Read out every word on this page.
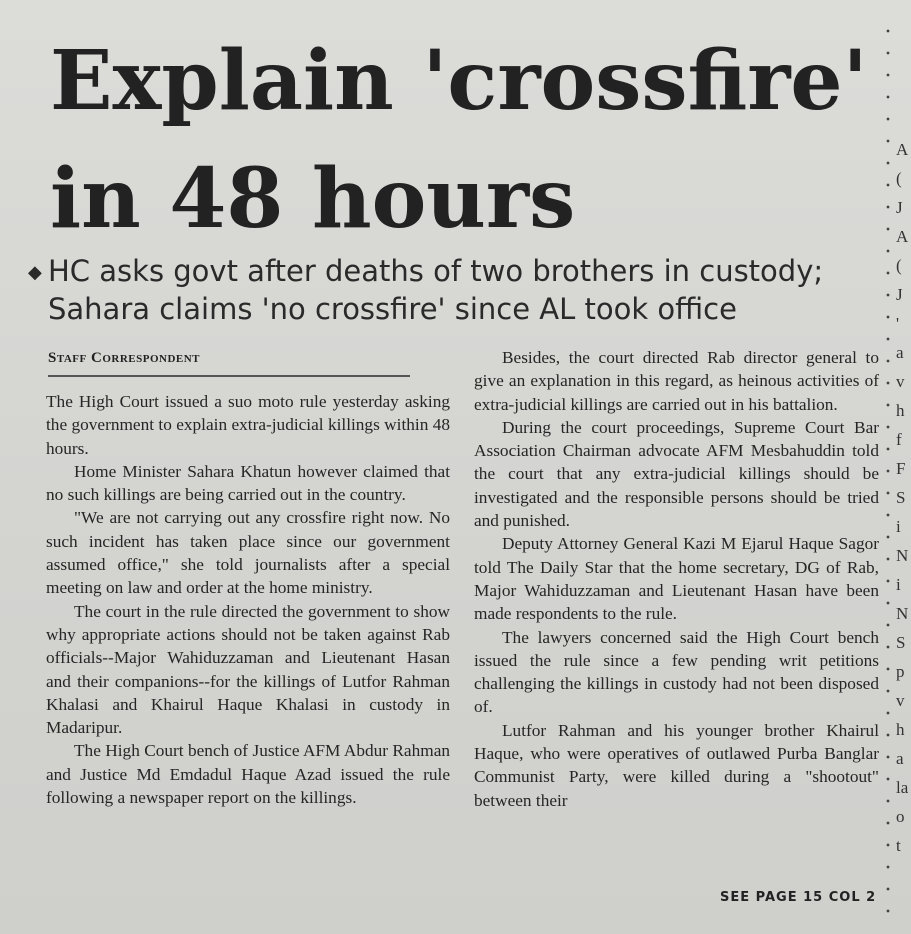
Explain 'crossfire'
in 48 hours
◆ HC asks govt after deaths of two brothers in custody;
Sahara claims 'no crossfire' since AL took office
Staff Correspondent

The High Court issued a suo moto rule yesterday asking the government to explain extra-judicial killings within 48 hours.

Home Minister Sahara Khatun however claimed that no such killings are being carried out in the country.

"We are not carrying out any crossfire right now. No such incident has taken place since our government assumed office," she told journalists after a special meeting on law and order at the home ministry.

The court in the rule directed the government to show why appropriate actions should not be taken against Rab officials--Major Wahiduzzaman and Lieutenant Hasan and their companions--for the killings of Lutfor Rahman Khalasi and Khairul Haque Khalasi in custody in Madaripur.

The High Court bench of Justice AFM Abdur Rahman and Justice Md Emdadul Haque Azad issued the rule following a newspaper report on the killings.

Besides, the court directed Rab director general to give an explanation in this regard, as heinous activities of extra-judicial killings are carried out in his battalion.

During the court proceedings, Supreme Court Bar Association Chairman advocate AFM Mesbahuddin told the court that any extra-judicial killings should be investigated and the responsible persons should be tried and punished.

Deputy Attorney General Kazi M Ejarul Haque Sagor told The Daily Star that the home secretary, DG of Rab, Major Wahiduzzaman and Lieutenant Hasan have been made respondents to the rule.

The lawyers concerned said the High Court bench issued the rule since a few pending writ petitions challenging the killings in custody had not been disposed of.

Lutfor Rahman and his younger brother Khairul Haque, who were operatives of outlawed Purba Banglar Communist Party, were killed during a "shootout" between their

SEE PAGE 15 COL 2
A
(
J
A
(
J
'
a
v
h
f
F
S
i
N
i
N
S
p
v
h
a
la
o
t
